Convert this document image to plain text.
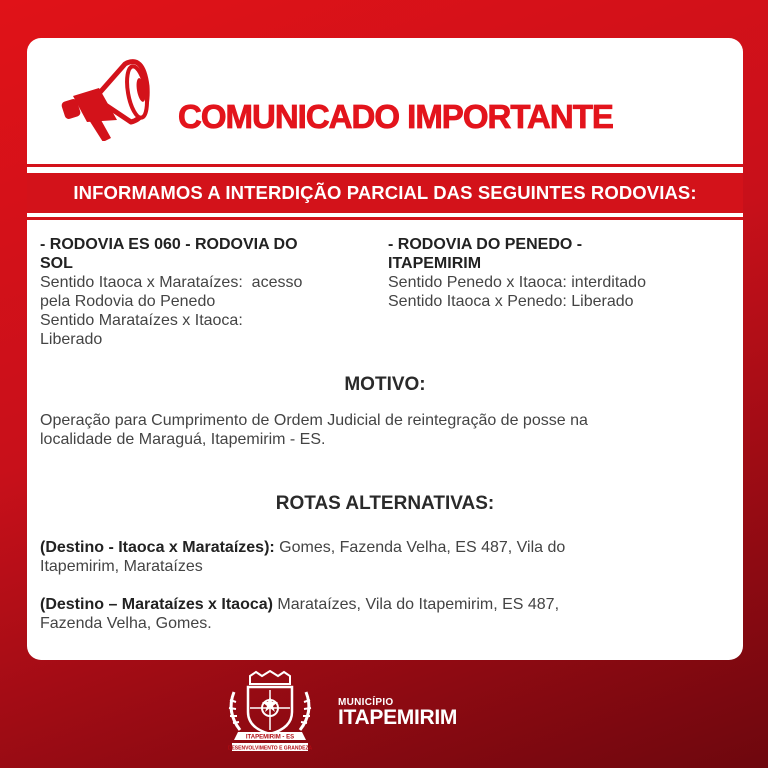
COMUNICADO IMPORTANTE
INFORMAMOS A INTERDIÇÃO PARCIAL DAS SEGUINTES RODOVIAS:
- RODOVIA ES 060 - RODOVIA DO
SOL
Sentido Itaoca x Marataízes:  acesso
pela Rodovia do Penedo
Sentido Marataízes x Itaoca:
Liberado
- RODOVIA DO PENEDO -
ITAPEMIRIM
Sentido Penedo x Itaoca: interditado
Sentido Itaoca x Penedo: Liberado
MOTIVO:
Operação para Cumprimento de Ordem Judicial de reintegração de posse na
localidade de Maraguá, Itapemirim - ES.
ROTAS ALTERNATIVAS:
(Destino - Itaoca x Marataízes): Gomes, Fazenda Velha, ES 487, Vila do
Itapemirim, Marataízes
(Destino – Marataízes x Itaoca) Marataízes, Vila do Itapemirim, ES 487,
Fazenda Velha, Gomes.
ITAPEMIRIM - ES
DESENVOLVIMENTO E GRANDEZA
MUNICÍPIO
ITAPEMIRIM
